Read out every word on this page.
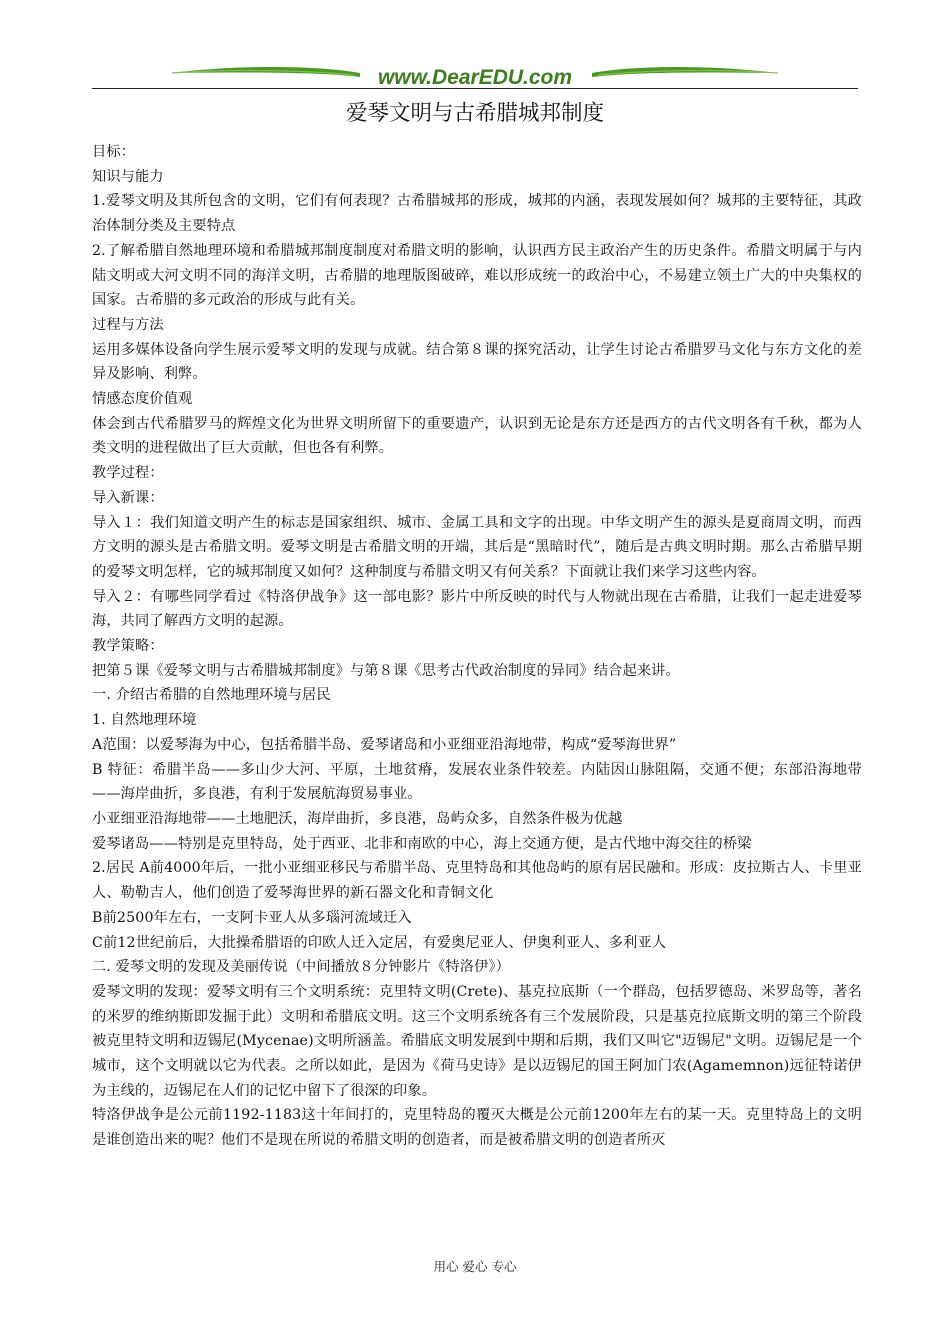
www.DearEDU.com
爱琴文明与古希腊城邦制度

目标：

知识与能力

1.爱琴文明及其所包含的文明，它们有何表现？古希腊城邦的形成，城邦的内涵，表现发展如何？城邦的主要特征，其政治体制分类及主要特点

2.了解希腊自然地理环境和希腊城邦制度制度对希腊文明的影响，认识西方民主政治产生的历史条件。希腊文明属于与内陆文明或大河文明不同的海洋文明，古希腊的地理版图破碎，难以形成统一的政治中心，不易建立领土广大的中央集权的国家。古希腊的多元政治的形成与此有关。

过程与方法

运用多媒体设备向学生展示爱琴文明的发现与成就。结合第８课的探究活动，让学生讨论古希腊罗马文化与东方文化的差异及影响、利弊。

情感态度价值观

体会到古代希腊罗马的辉煌文化为世界文明所留下的重要遗产，认识到无论是东方还是西方的古代文明各有千秋，都为人类文明的进程做出了巨大贡献，但也各有利弊。

教学过程：

导入新课：

导入１：我们知道文明产生的标志是国家组织、城市、金属工具和文字的出现。中华文明产生的源头是夏商周文明，而西方文明的源头是古希腊文明。爱琴文明是古希腊文明的开端，其后是“黑暗时代”，随后是古典文明时期。那么古希腊早期的爱琴文明怎样，它的城邦制度又如何？这种制度与希腊文明又有何关系？下面就让我们来学习这些内容。

导入２：有哪些同学看过《特洛伊战争》这一部电影？影片中所反映的时代与人物就出现在古希腊，让我们一起走进爱琴海，共同了解西方文明的起源。

教学策略：

把第５课《爱琴文明与古希腊城邦制度》与第８课《思考古代政治制度的异同》结合起来讲。

一. 介绍古希腊的自然地理环境与居民

1. 自然地理环境

A范围：以爱琴海为中心，包括希腊半岛、爱琴诸岛和小亚细亚沿海地带，构成“爱琴海世界”

B 特征：希腊半岛——多山少大河、平原，土地贫瘠，发展农业条件较差。内陆因山脉阻隔，交通不便；东部沿海地带——海岸曲折，多良港，有利于发展航海贸易事业。

小亚细亚沿海地带——土地肥沃，海岸曲折，多良港，岛屿众多，自然条件极为优越

爱琴诸岛——特别是克里特岛，处于西亚、北非和南欧的中心，海上交通方便，是古代地中海交往的桥梁

2.居民 A前4000年后，一批小亚细亚移民与希腊半岛、克里特岛和其他岛屿的原有居民融和。形成：皮拉斯古人、卡里亚人、勒勒吉人，他们创造了爱琴海世界的新石器文化和青铜文化

B前2500年左右，一支阿卡亚人从多瑙河流域迁入

C前12世纪前后，大批操希腊语的印欧人迁入定居，有爱奥尼亚人、伊奥利亚人、多利亚人

二. 爱琴文明的发现及美丽传说（中间播放８分钟影片《特洛伊》）

爱琴文明的发现：爱琴文明有三个文明系统：克里特文明(Crete)、基克拉底斯（一个群岛，包括罗德岛、米罗岛等，著名的米罗的维纳斯即发掘于此）文明和希腊底文明。这三个文明系统各有三个发展阶段，只是基克拉底斯文明的第三个阶段被克里特文明和迈锡尼(Mycenae)文明所涵盖。希腊底文明发展到中期和后期，我们又叫它"迈锡尼"文明。迈锡尼是一个城市，这个文明就以它为代表。之所以如此，是因为《荷马史诗》是以迈锡尼的国王阿加门农(Agamemnon)远征特诺伊为主线的，迈锡尼在人们的记忆中留下了很深的印象。

特洛伊战争是公元前1192-1183这十年间打的，克里特岛的覆灭大概是公元前1200年左右的某一天。克里特岛上的文明是谁创造出来的呢？他们不是现在所说的希腊文明的创造者，而是被希腊文明的创造者所灭

用心 爱心 专心
